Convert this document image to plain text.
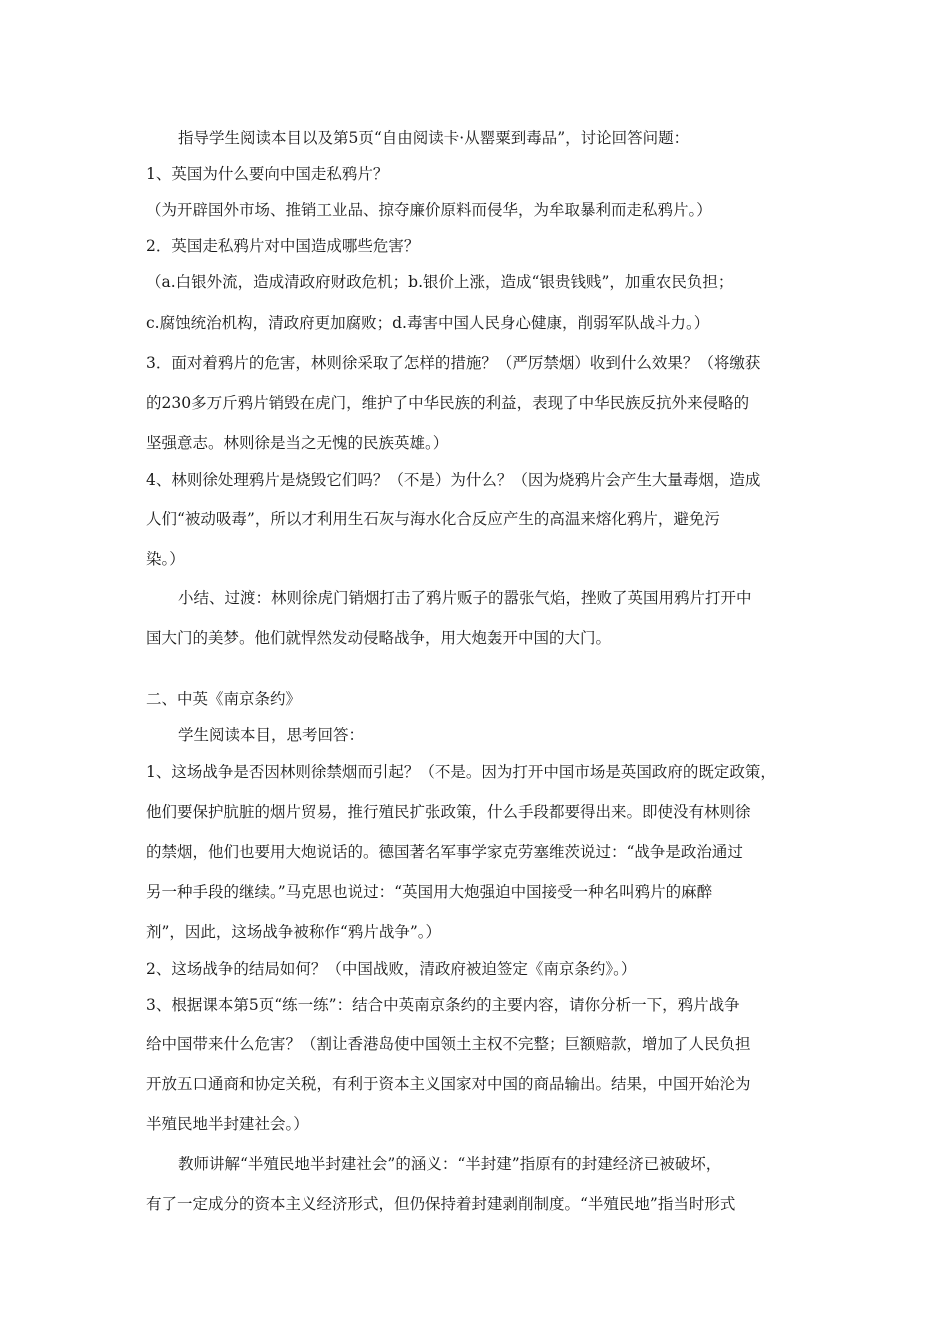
指导学生阅读本目以及第5页“自由阅读卡·从罂粟到毒品”，讨论回答问题：
1、英国为什么要向中国走私鸦片？
（为开辟国外市场、推销工业品、掠夺廉价原料而侵华，为牟取暴利而走私鸦片。）
2．英国走私鸦片对中国造成哪些危害？
（a.白银外流，造成清政府财政危机；b.银价上涨，造成“银贵钱贱”，加重农民负担；
c.腐蚀统治机构，清政府更加腐败；d.毒害中国人民身心健康，削弱军队战斗力。）
3．面对着鸦片的危害，林则徐采取了怎样的措施？（严厉禁烟）收到什么效果？（将缴获
的230多万斤鸦片销毁在虎门，维护了中华民族的利益，表现了中华民族反抗外来侵略的
坚强意志。林则徐是当之无愧的民族英雄。）
4、林则徐处理鸦片是烧毁它们吗？（不是）为什么？（因为烧鸦片会产生大量毒烟，造成
人们“被动吸毒”，所以才利用生石灰与海水化合反应产生的高温来熔化鸦片，避免污
染。）
小结、过渡：林则徐虎门销烟打击了鸦片贩子的嚣张气焰，挫败了英国用鸦片打开中
国大门的美梦。他们就悍然发动侵略战争，用大炮轰开中国的大门。
二、中英《南京条约》
学生阅读本目，思考回答：
1、这场战争是否因林则徐禁烟而引起？（不是。因为打开中国市场是英国政府的既定政策，
他们要保护肮脏的烟片贸易，推行殖民扩张政策，什么手段都要得出来。即使没有林则徐
的禁烟，他们也要用大炮说话的。德国著名军事学家克劳塞维茨说过：“战争是政治通过
另一种手段的继续。”马克思也说过：“英国用大炮强迫中国接受一种名叫鸦片的麻醉
剂”，因此，这场战争被称作“鸦片战争”。）
2、这场战争的结局如何？（中国战败，清政府被迫签定《南京条约》。）
3、根据课本第5页“练一练”：结合中英南京条约的主要内容，请你分析一下，鸦片战争
给中国带来什么危害？（割让香港岛使中国领土主权不完整；巨额赔款，增加了人民负担
开放五口通商和协定关税，有利于资本主义国家对中国的商品输出。结果，中国开始沦为
半殖民地半封建社会。）
教师讲解“半殖民地半封建社会”的涵义：“半封建”指原有的封建经济已被破坏，
有了一定成分的资本主义经济形式，但仍保持着封建剥削制度。“半殖民地”指当时形式
